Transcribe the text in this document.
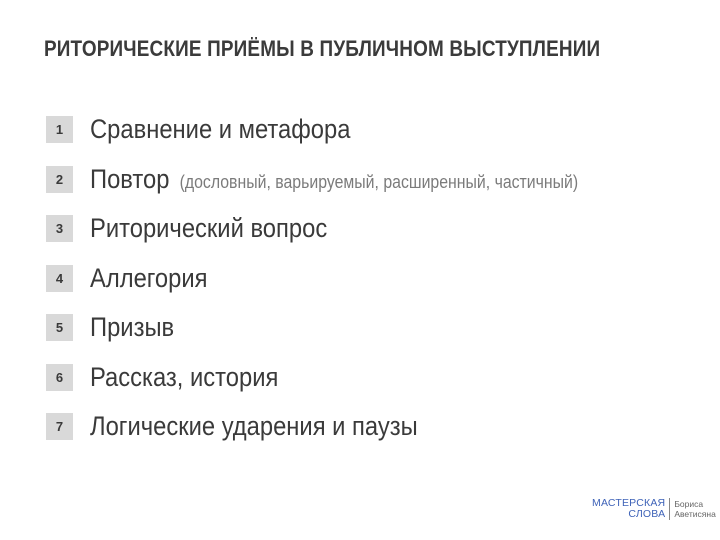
РИТОРИЧЕСКИЕ ПРИЁМЫ В ПУБЛИЧНОМ ВЫСТУПЛЕНИИ
1 Сравнение и метафора
2 Повтор (дословный, варьируемый, расширенный, частичный)
3 Риторический вопрос
4 Аллегория
5 Призыв
6 Рассказ, история
7 Логические ударения и паузы
МАСТЕРСКАЯ
СЛОВА
Бориса
Аветисяна
